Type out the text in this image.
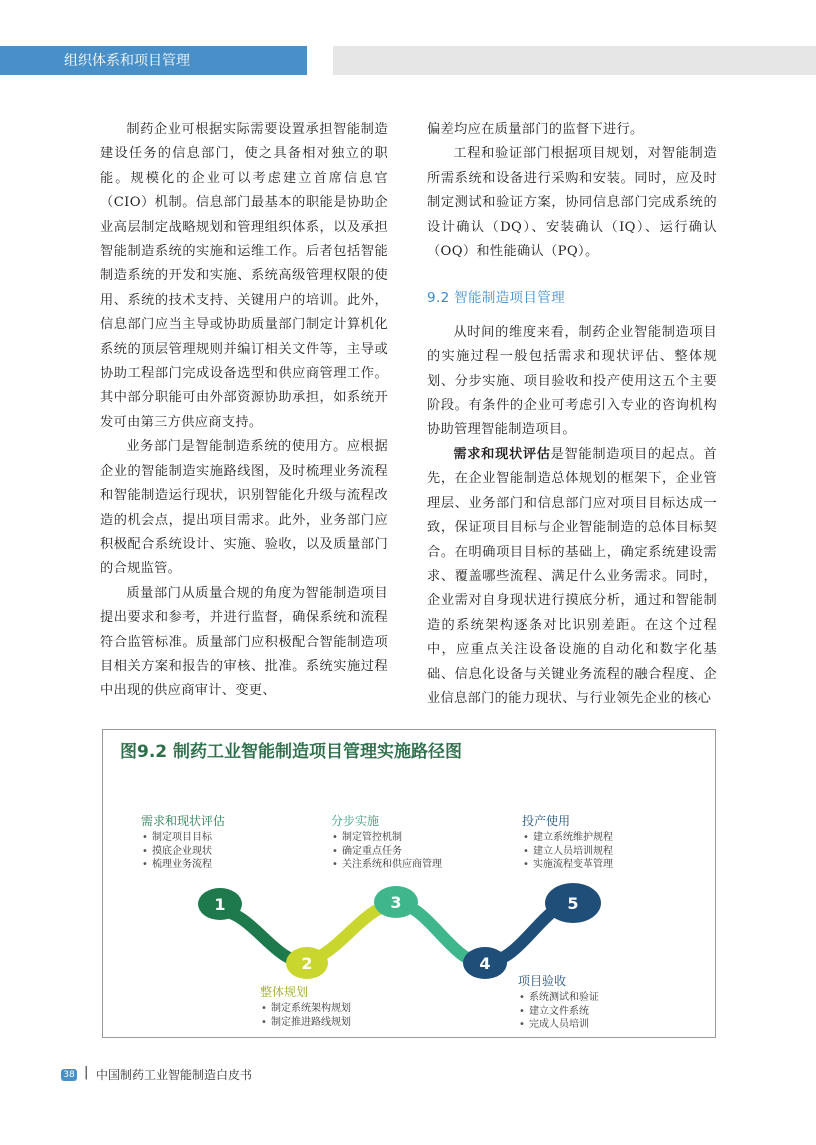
组织体系和项目管理

制药企业可根据实际需要设置承担智能制造建设任务的信息部门，使之具备相对独立的职能。规模化的企业可以考虑建立首席信息官（CIO）机制。信息部门最基本的职能是协助企业高层制定战略规划和管理组织体系，以及承担智能制造系统的实施和运维工作。后者包括智能制造系统的开发和实施、系统高级管理权限的使用、系统的技术支持、关键用户的培训。此外，信息部门应当主导或协助质量部门制定计算机化系统的顶层管理规则并编订相关文件等，主导或协助工程部门完成设备选型和供应商管理工作。其中部分职能可由外部资源协助承担，如系统开发可由第三方供应商支持。

业务部门是智能制造系统的使用方。应根据企业的智能制造实施路线图，及时梳理业务流程和智能制造运行现状，识别智能化升级与流程改造的机会点，提出项目需求。此外，业务部门应积极配合系统设计、实施、验收，以及质量部门的合规监管。

质量部门从质量合规的角度为智能制造项目提出要求和参考，并进行监督，确保系统和流程符合监管标准。质量部门应积极配合智能制造项目相关方案和报告的审核、批准。系统实施过程中出现的供应商审计、变更、

偏差均应在质量部门的监督下进行。

工程和验证部门根据项目规划，对智能制造所需系统和设备进行采购和安装。同时，应及时制定测试和验证方案，协同信息部门完成系统的设计确认（DQ）、安装确认（IQ）、运行确认（OQ）和性能确认（PQ）。

9.2 智能制造项目管理

从时间的维度来看，制药企业智能制造项目的实施过程一般包括需求和现状评估、整体规划、分步实施、项目验收和投产使用这五个主要阶段。有条件的企业可考虑引入专业的咨询机构协助管理智能制造项目。

需求和现状评估是智能制造项目的起点。首先，在企业智能制造总体规划的框架下，企业管理层、业务部门和信息部门应对项目目标达成一致，保证项目目标与企业智能制造的总体目标契合。在明确项目目标的基础上，确定系统建设需求、覆盖哪些流程、满足什么业务需求。同时，企业需对自身现状进行摸底分析，通过和智能制造的系统架构逐条对比识别差距。在这个过程中，应重点关注设备设施的自动化和数字化基础、信息化设备与关键业务流程的融合程度、企业信息部门的能力现状、与行业领先企业的核心

图9.2 制药工业智能制造项目管理实施路径图
1
2
3
4
5
需求和现状评估
• 制定项目目标
• 摸底企业现状
• 梳理业务流程
分步实施
• 制定管控机制
• 确定重点任务
• 关注系统和供应商管理
投产使用
• 建立系统维护规程
• 建立人员培训规程
• 实施流程变革管理
整体规划
• 制定系统架构规划
• 制定推进路线规划
项目验收
• 系统测试和验证
• 建立文件系统
• 完成人员培训
38 | 中国制药工业智能制造白皮书
